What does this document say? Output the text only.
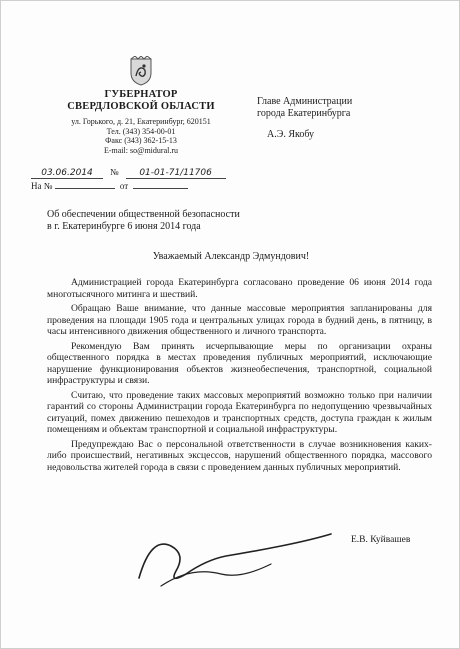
ГУБЕРНАТОР
СВЕРДЛОВСКОЙ ОБЛАСТИ
ул. Горького, д. 21, Екатеринбург, 620151
Тел. (343) 354-00-01
Факс (343) 362-15-13
E-mail: so@midural.ru
Главе Администрации
города Екатеринбурга
А.Э. Якобу
03.06.2014 № 01-01-71/11706
На №	от
Об обеспечении общественной безопасности
в г. Екатеринбурге 6 июня 2014 года
Уважаемый Александр Эдмундович!

Администрацией города Екатеринбурга согласовано проведение 06 июня 2014 года многотысячного митинга и шествий.

Обращаю Ваше внимание, что данные массовые мероприятия запланированы для проведения на площади 1905 года и центральных улицах города в будний день, в пятницу, в часы интенсивного движения общественного и личного транспорта.

Рекомендую Вам принять исчерпывающие меры по организации охраны общественного порядка в местах проведения публичных мероприятий, исключающие нарушение функционирования объектов жизнеобеспечения, транспортной, социальной инфраструктуры и связи.

Считаю, что проведение таких массовых мероприятий возможно только при наличии гарантий со стороны Администрации города Екатеринбурга по недопущению чрезвычайных ситуаций, помех движению пешеходов и транспортных средств, доступа граждан к жилым помещениям и объектам транспортной и социальной инфраструктуры.

Предупреждаю Вас о персональной ответственности в случае возникновения каких-либо происшествий, негативных эксцессов, нарушений общественного порядка, массового недовольства жителей города в связи с проведением данных публичных мероприятий.

Е.В. Куйвашев
